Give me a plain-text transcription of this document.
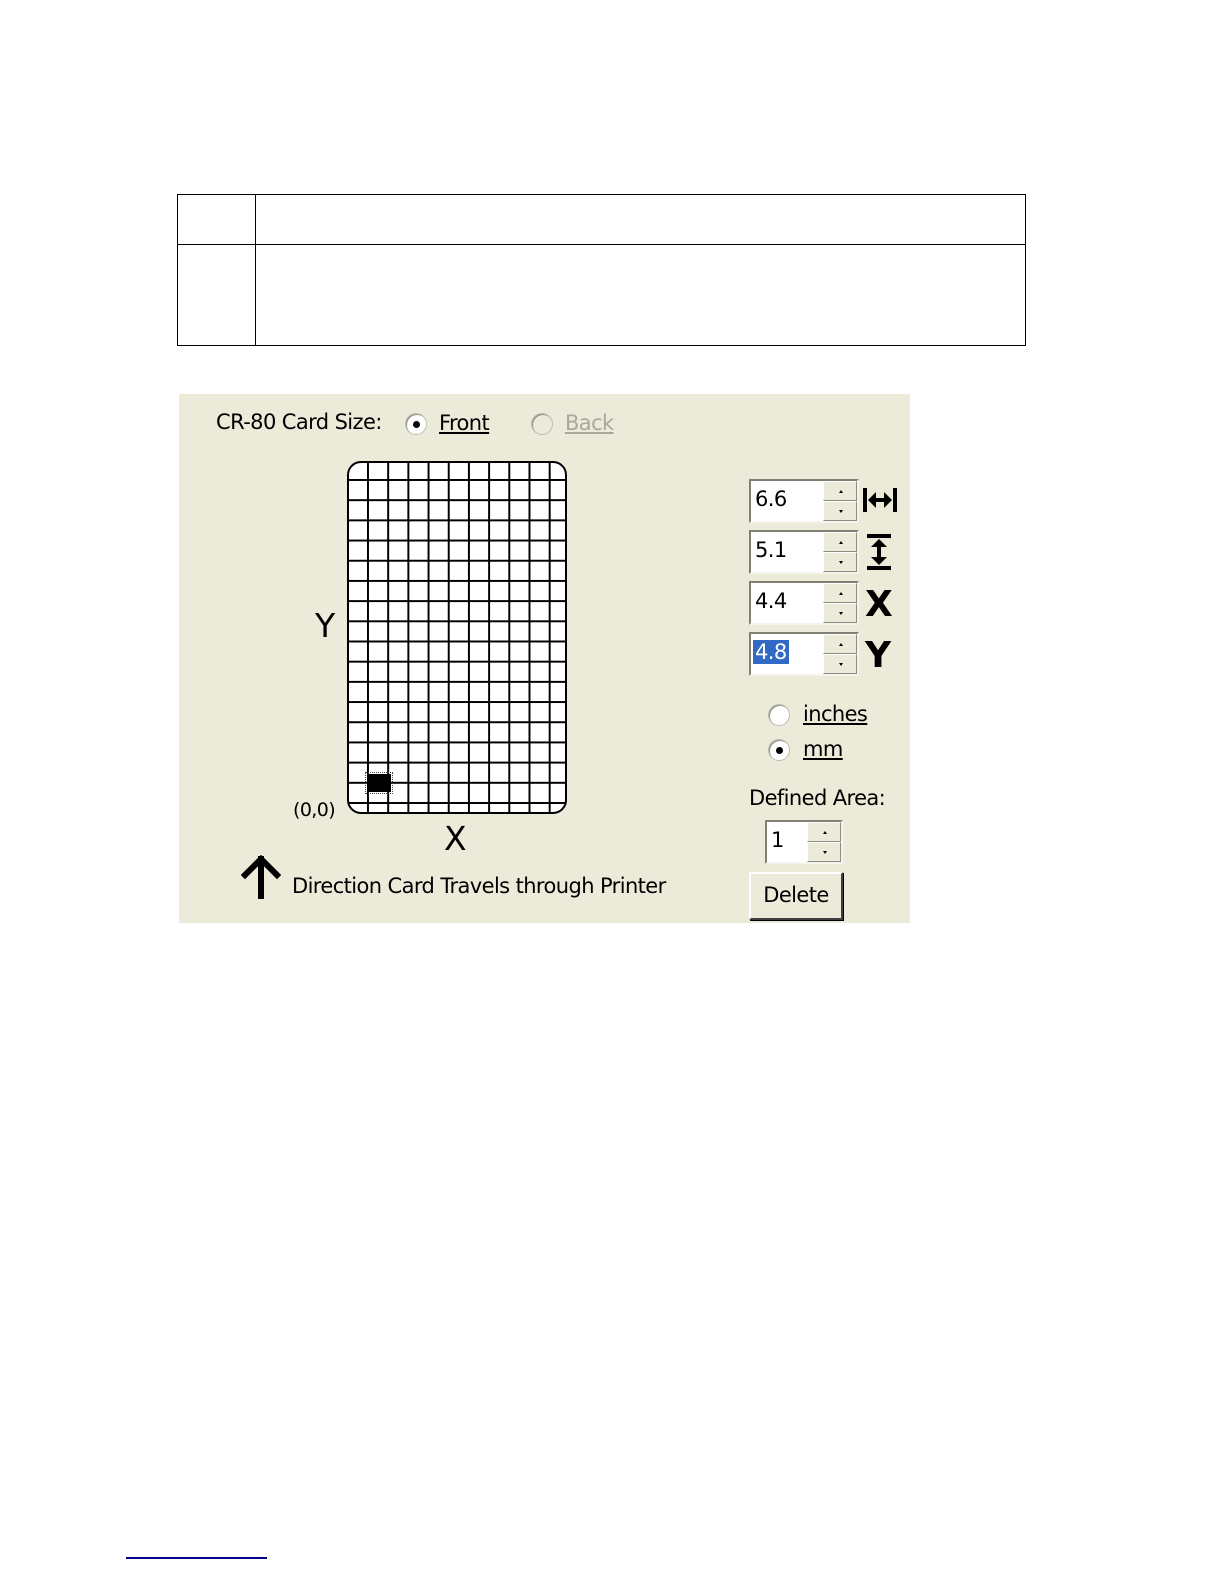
CR-80 Card Size:	Front	Back
Y
(0,0)
X
Direction Card Travels through Printer
6.6
5.1
4.4 X
4.8 Y
inches
mm
Defined Area:
1
Delete
